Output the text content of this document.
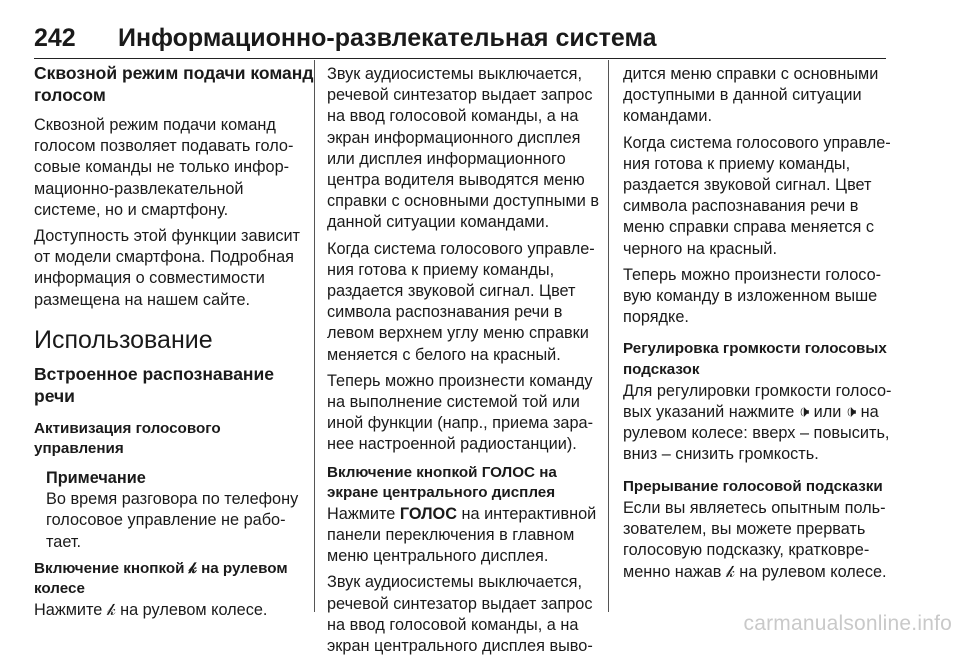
242 Информационно-развлекательная система
Сквозной режим подачи команд
голосом
Сквозной режим подачи команд
голосом позволяет подавать голо-
совые команды не только инфор-
мационно-развлекательной
системе, но и смартфону.
Доступность этой функции зависит
от модели смартфона. Подробная
информация о совместимости
размещена на нашем сайте.
Использование
Встроенное распознавание
речи
Активизация голосового
управления
Примечание
Во время разговора по телефону
голосовое управление не рабо-
тает.
Включение кнопкой 𝓀 на рулевом
колесе
Нажмите 𝓀 на рулевом колесе.
Звук аудиосистемы выключается,
речевой синтезатор выдает запрос
на ввод голосовой команды, а на
экран информационного дисплея
или дисплея информационного
центра водителя выводятся меню
справки с основными доступными в
данной ситуации командами.
Когда система голосового управле-
ния готова к приему команды,
раздается звуковой сигнал. Цвет
символа распознавания речи в
левом верхнем углу меню справки
меняется с белого на красный.
Теперь можно произнести команду
на выполнение системой той или
иной функции (напр., приема зара-
нее настроенной радиостанции).
Включение кнопкой ГОЛОС на
экране центрального дисплея
Нажмите ГОЛОС на интерактивной
панели переключения в главном
меню центрального дисплея.
Звук аудиосистемы выключается,
речевой синтезатор выдает запрос
на ввод голосовой команды, а на
экран центрального дисплея выво-
дится меню справки с основными
доступными в данной ситуации
командами.
Когда система голосового управле-
ния готова к приему команды,
раздается звуковой сигнал. Цвет
символа распознавания речи в
меню справки справа меняется с
черного на красный.
Теперь можно произнести голосо-
вую команду в изложенном выше
порядке.
Регулировка громкости голосовых
подсказок
Для регулировки громкости голосо-
вых указаний нажмите 🕩 или 🕩 на
рулевом колесе: вверх – повысить,
вниз – снизить громкость.
Прерывание голосовой подсказки
Если вы являетесь опытным поль-
зователем, вы можете прервать
голосовую подсказку, кратковре-
менно нажав 𝓀 на рулевом колесе.
carmanualsonline.info
